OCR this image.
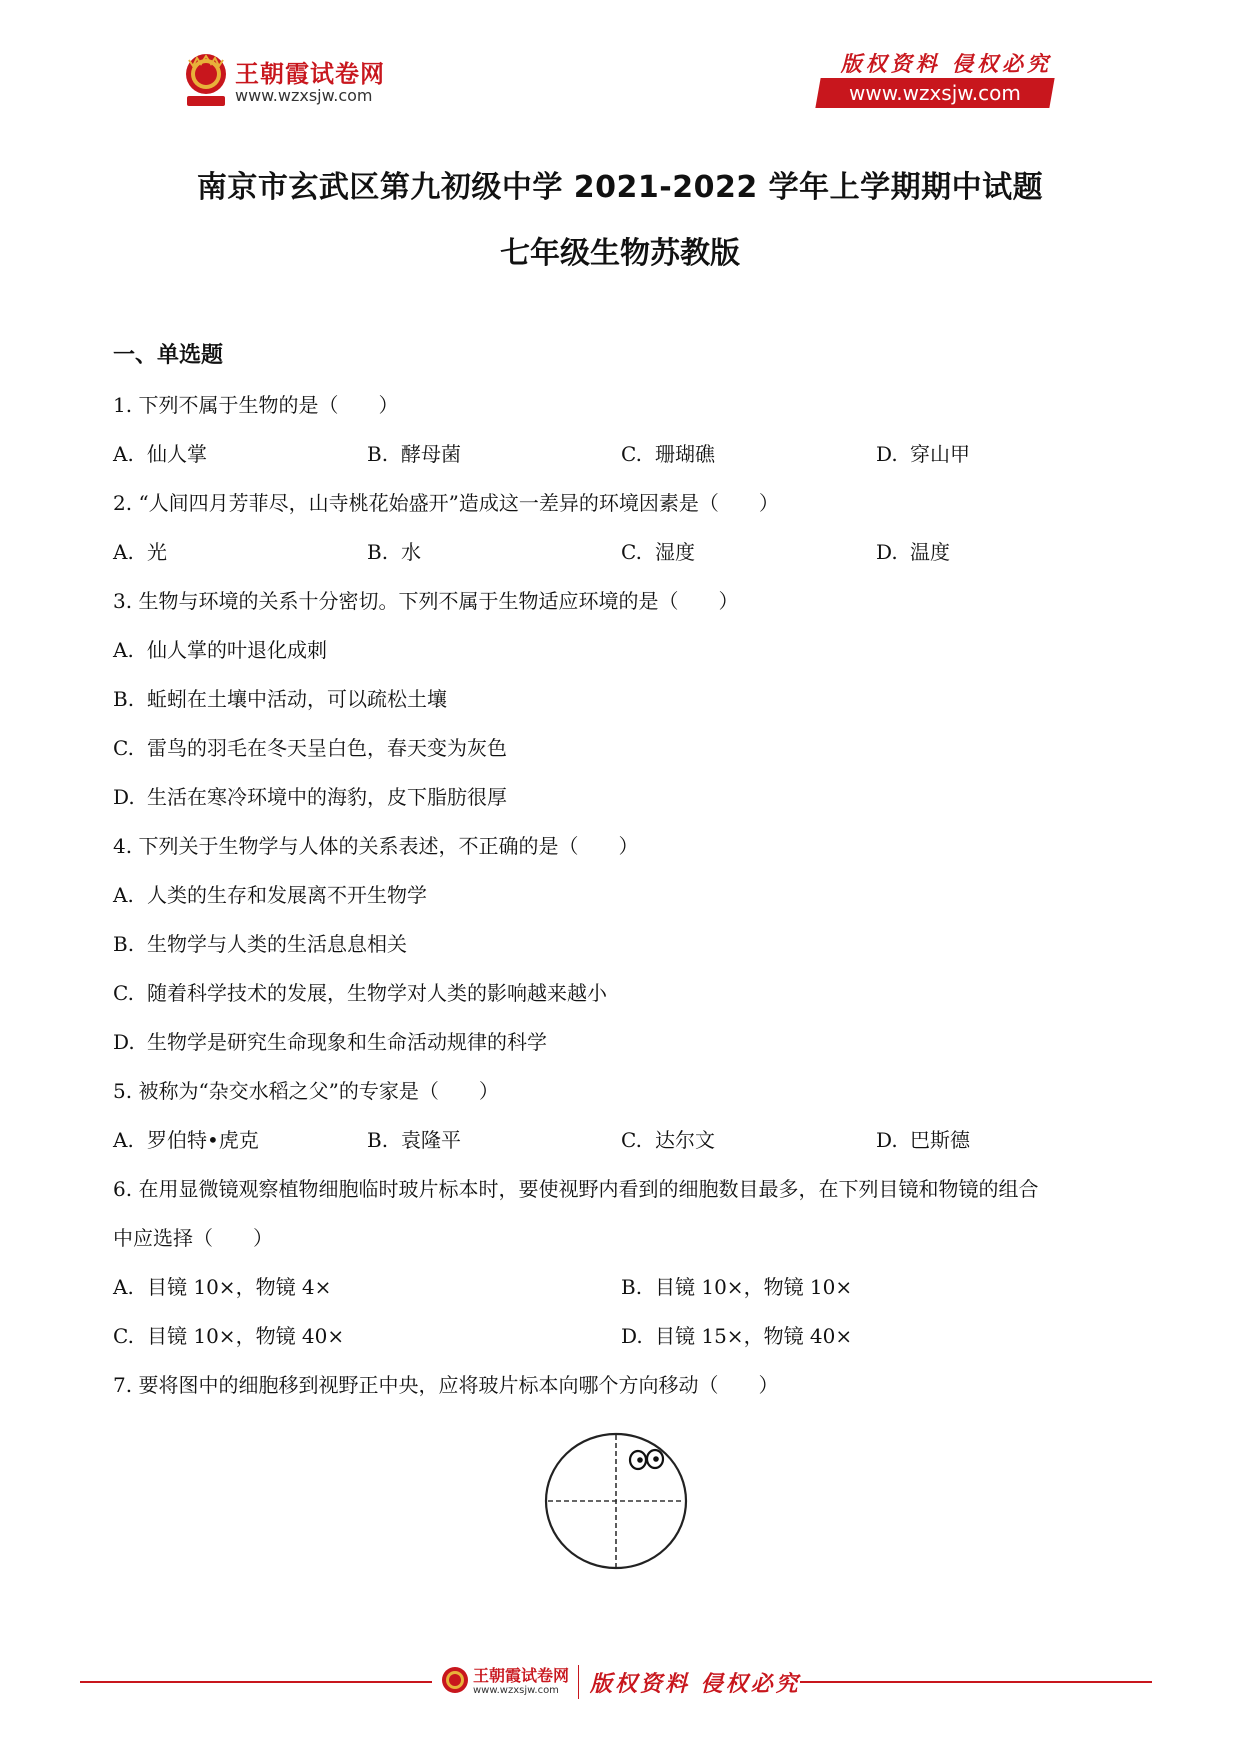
王朝霞试卷网
www.wzxsjw.com
版权资料 侵权必究
www.wzxsjw.com
南京市玄武区第九初级中学 2021-2022 学年上学期期中试题
七年级生物苏教版
一、单选题
1. 下列不属于生物的是（　　）
A. 仙人掌	B. 酵母菌	C. 珊瑚礁	D. 穿山甲
2. “人间四月芳菲尽，山寺桃花始盛开”造成这一差异的环境因素是（　　）
A. 光	B. 水	C. 湿度	D. 温度
3. 生物与环境的关系十分密切。下列不属于生物适应环境的是（　　）
A. 仙人掌的叶退化成刺
B. 蚯蚓在土壤中活动，可以疏松土壤
C. 雷鸟的羽毛在冬天呈白色，春天变为灰色
D. 生活在寒冷环境中的海豹，皮下脂肪很厚
4. 下列关于生物学与人体的关系表述，不正确的是（　　）
A. 人类的生存和发展离不开生物学
B. 生物学与人类的生活息息相关
C. 随着科学技术的发展，生物学对人类的影响越来越小
D. 生物学是研究生命现象和生命活动规律的科学
5. 被称为“杂交水稻之父”的专家是（　　）
A. 罗伯特•虎克	B. 袁隆平	C. 达尔文	D. 巴斯德
6. 在用显微镜观察植物细胞临时玻片标本时，要使视野内看到的细胞数目最多，在下列目镜和物镜的组合
中应选择（　　）
A. 目镜 10×，物镜 4×	B. 目镜 10×，物镜 10×
C. 目镜 10×，物镜 40×	D. 目镜 15×，物镜 40×
7. 要将图中的细胞移到视野正中央，应将玻片标本向哪个方向移动（　　）
王朝霞试卷网
www.wzxsjw.com 版权资料 侵权必究
